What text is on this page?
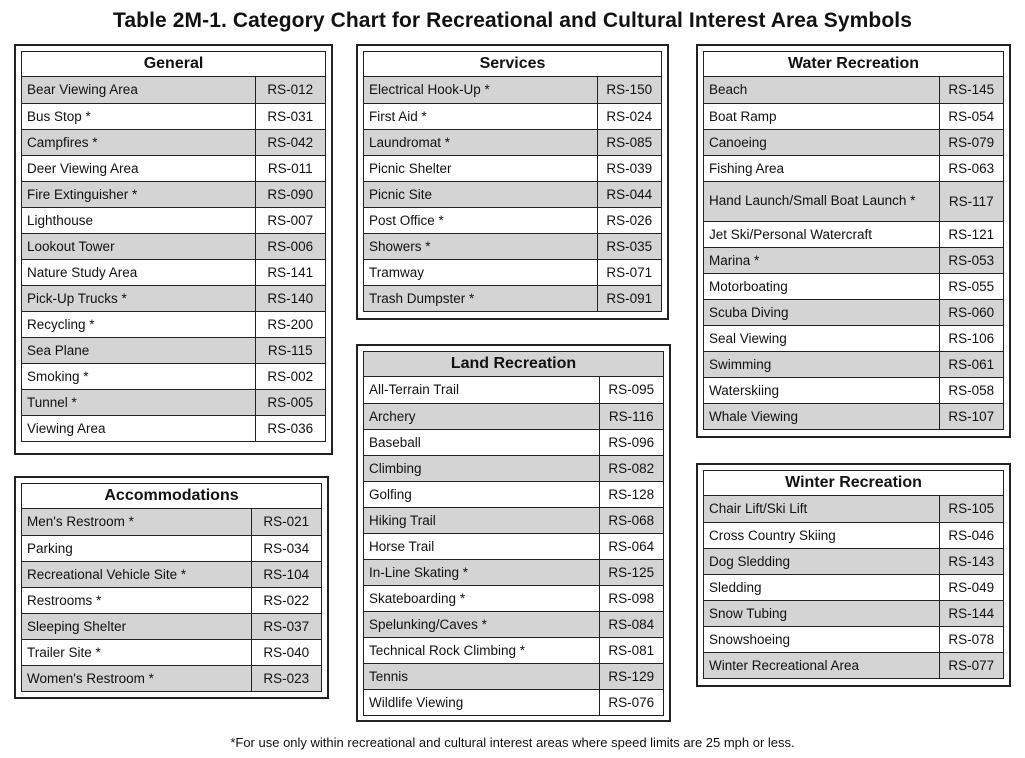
Table 2M-1. Category Chart for Recreational and Cultural Interest Area Symbols
General
Bear Viewing Area	RS-012
Bus Stop *	RS-031
Campfires *	RS-042
Deer Viewing Area	RS-011
Fire Extinguisher *	RS-090
Lighthouse	RS-007
Lookout Tower	RS-006
Nature Study Area	RS-141
Pick-Up Trucks *	RS-140
Recycling *	RS-200
Sea Plane	RS-115
Smoking *	RS-002
Tunnel *	RS-005
Viewing Area	RS-036
Accommodations
Men's Restroom *	RS-021
Parking	RS-034
Recreational Vehicle Site *	RS-104
Restrooms *	RS-022
Sleeping Shelter	RS-037
Trailer Site *	RS-040
Women's Restroom *	RS-023
Services
Electrical Hook-Up *	RS-150
First Aid *	RS-024
Laundromat *	RS-085
Picnic Shelter	RS-039
Picnic Site	RS-044
Post Office *	RS-026
Showers *	RS-035
Tramway	RS-071
Trash Dumpster *	RS-091
Land Recreation
All-Terrain Trail	RS-095
Archery	RS-116
Baseball	RS-096
Climbing	RS-082
Golfing	RS-128
Hiking Trail	RS-068
Horse Trail	RS-064
In-Line Skating *	RS-125
Skateboarding *	RS-098
Spelunking/Caves *	RS-084
Technical Rock Climbing *	RS-081
Tennis	RS-129
Wildlife Viewing	RS-076
Water Recreation
Beach	RS-145
Boat Ramp	RS-054
Canoeing	RS-079
Fishing Area	RS-063
Hand Launch/Small Boat Launch *	RS-117
Jet Ski/Personal Watercraft	RS-121
Marina *	RS-053
Motorboating	RS-055
Scuba Diving	RS-060
Seal Viewing	RS-106
Swimming	RS-061
Waterskiing	RS-058
Whale Viewing	RS-107
Winter Recreation
Chair Lift/Ski Lift	RS-105
Cross Country Skiing	RS-046
Dog Sledding	RS-143
Sledding	RS-049
Snow Tubing	RS-144
Snowshoeing	RS-078
Winter Recreational Area	RS-077
*For use only within recreational and cultural interest areas where speed limits are 25 mph or less.
